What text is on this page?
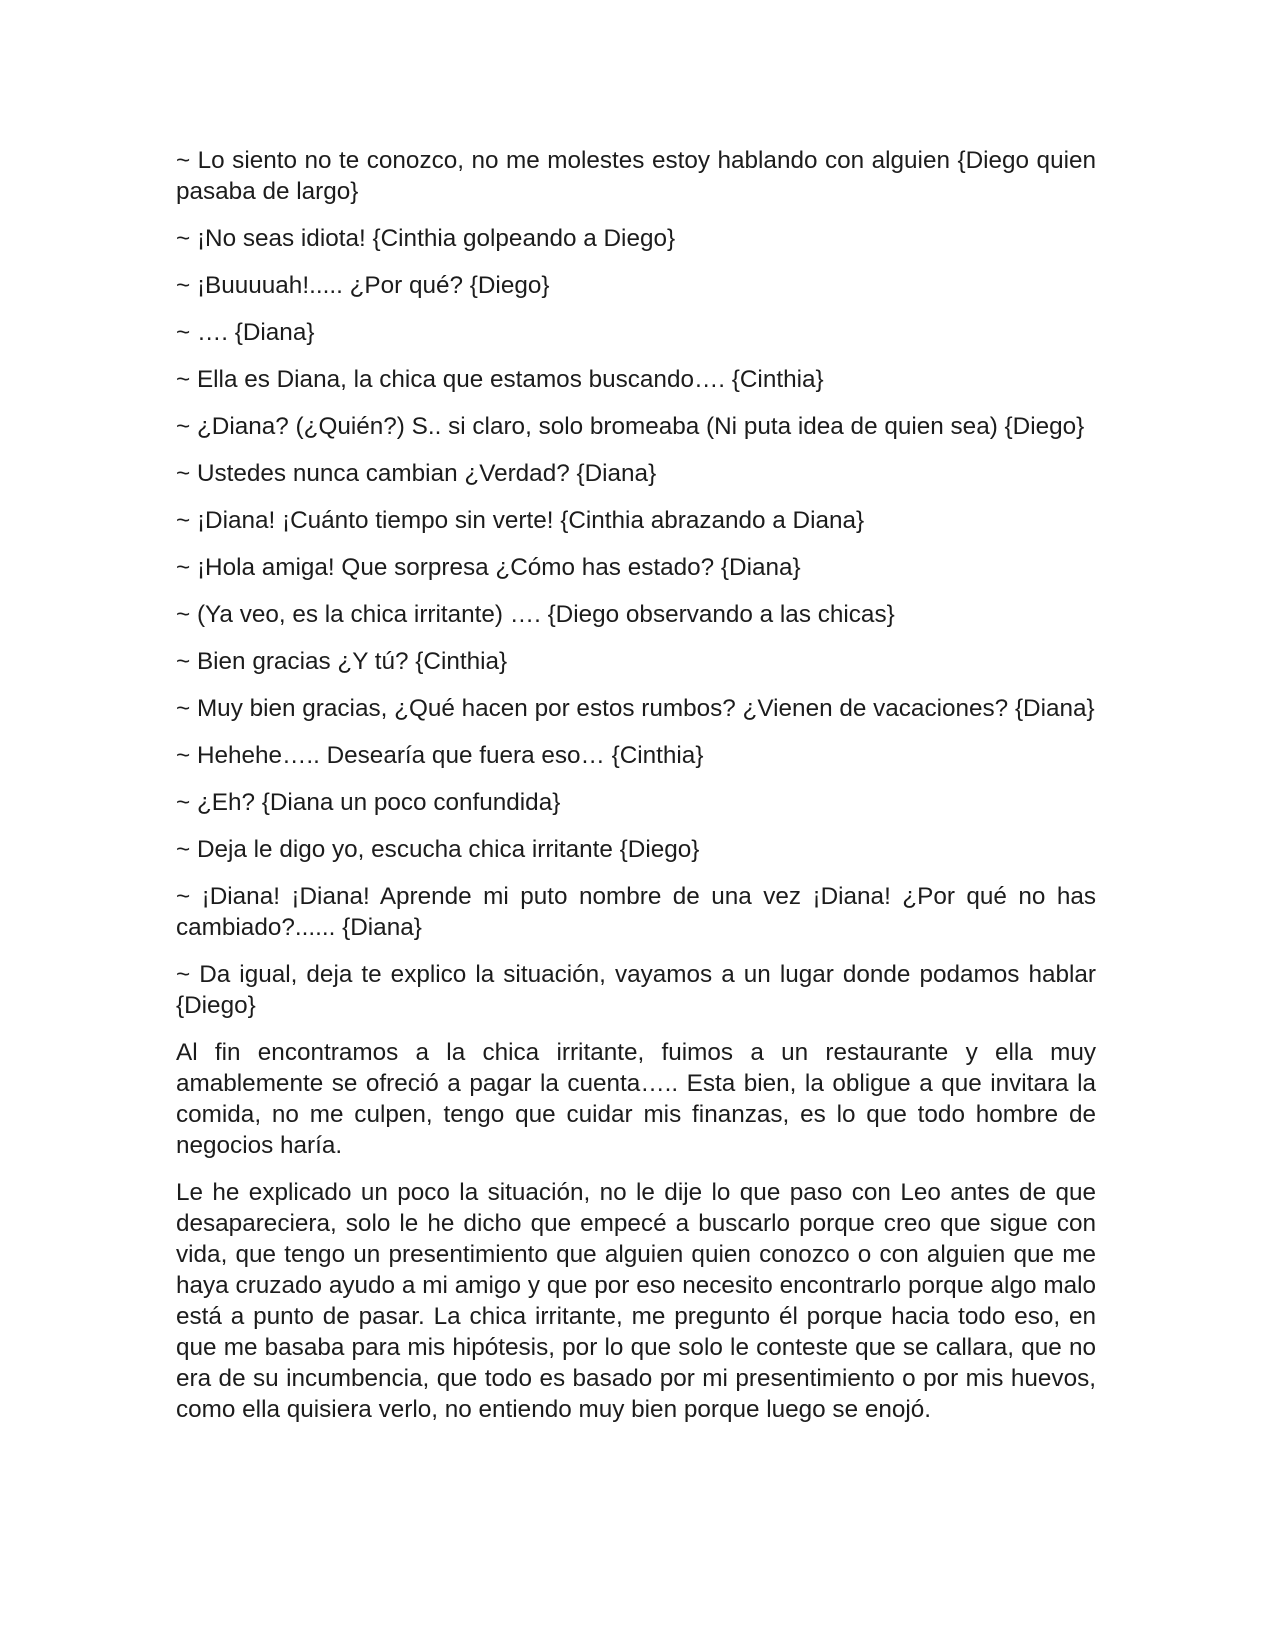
~ Lo siento no te conozco, no me molestes estoy hablando con alguien {Diego quien pasaba de largo}

~ ¡No seas idiota! {Cinthia golpeando a Diego}

~ ¡Buuuuah!..... ¿Por qué? {Diego}

~ …. {Diana}

~ Ella es Diana, la chica que estamos buscando…. {Cinthia}

~ ¿Diana? (¿Quién?) S.. si claro, solo bromeaba (Ni puta idea de quien sea) {Diego}

~ Ustedes nunca cambian ¿Verdad? {Diana}

~ ¡Diana! ¡Cuánto tiempo sin verte! {Cinthia abrazando a Diana}

~ ¡Hola amiga! Que sorpresa ¿Cómo has estado? {Diana}

~ (Ya veo, es la chica irritante) …. {Diego observando a las chicas}

~ Bien gracias ¿Y tú? {Cinthia}

~ Muy bien gracias, ¿Qué hacen por estos rumbos? ¿Vienen de vacaciones? {Diana}

~ Hehehe….. Desearía que fuera eso… {Cinthia}

~ ¿Eh? {Diana un poco confundida}

~ Deja le digo yo, escucha chica irritante {Diego}

~ ¡Diana! ¡Diana! Aprende mi puto nombre de una vez ¡Diana! ¿Por qué no has cambiado?...... {Diana}

~ Da igual, deja te explico la situación, vayamos a un lugar donde podamos hablar {Diego}

Al fin encontramos a la chica irritante, fuimos a un restaurante y ella muy amablemente se ofreció a pagar la cuenta….. Esta bien, la obligue a que invitara la comida, no me culpen, tengo que cuidar mis finanzas, es lo que todo hombre de negocios haría.

Le he explicado un poco la situación, no le dije lo que paso con Leo antes de que desapareciera, solo le he dicho que empecé a buscarlo porque creo que sigue con vida, que tengo un presentimiento que alguien quien conozco o con alguien que me haya cruzado ayudo a mi amigo y que por eso necesito encontrarlo porque algo malo está a punto de pasar. La chica irritante, me pregunto él porque hacia todo eso, en que me basaba para mis hipótesis, por lo que solo le conteste que se callara, que no era de su incumbencia, que todo es basado por mi presentimiento o por mis huevos, como ella quisiera verlo, no entiendo muy bien porque luego se enojó.
